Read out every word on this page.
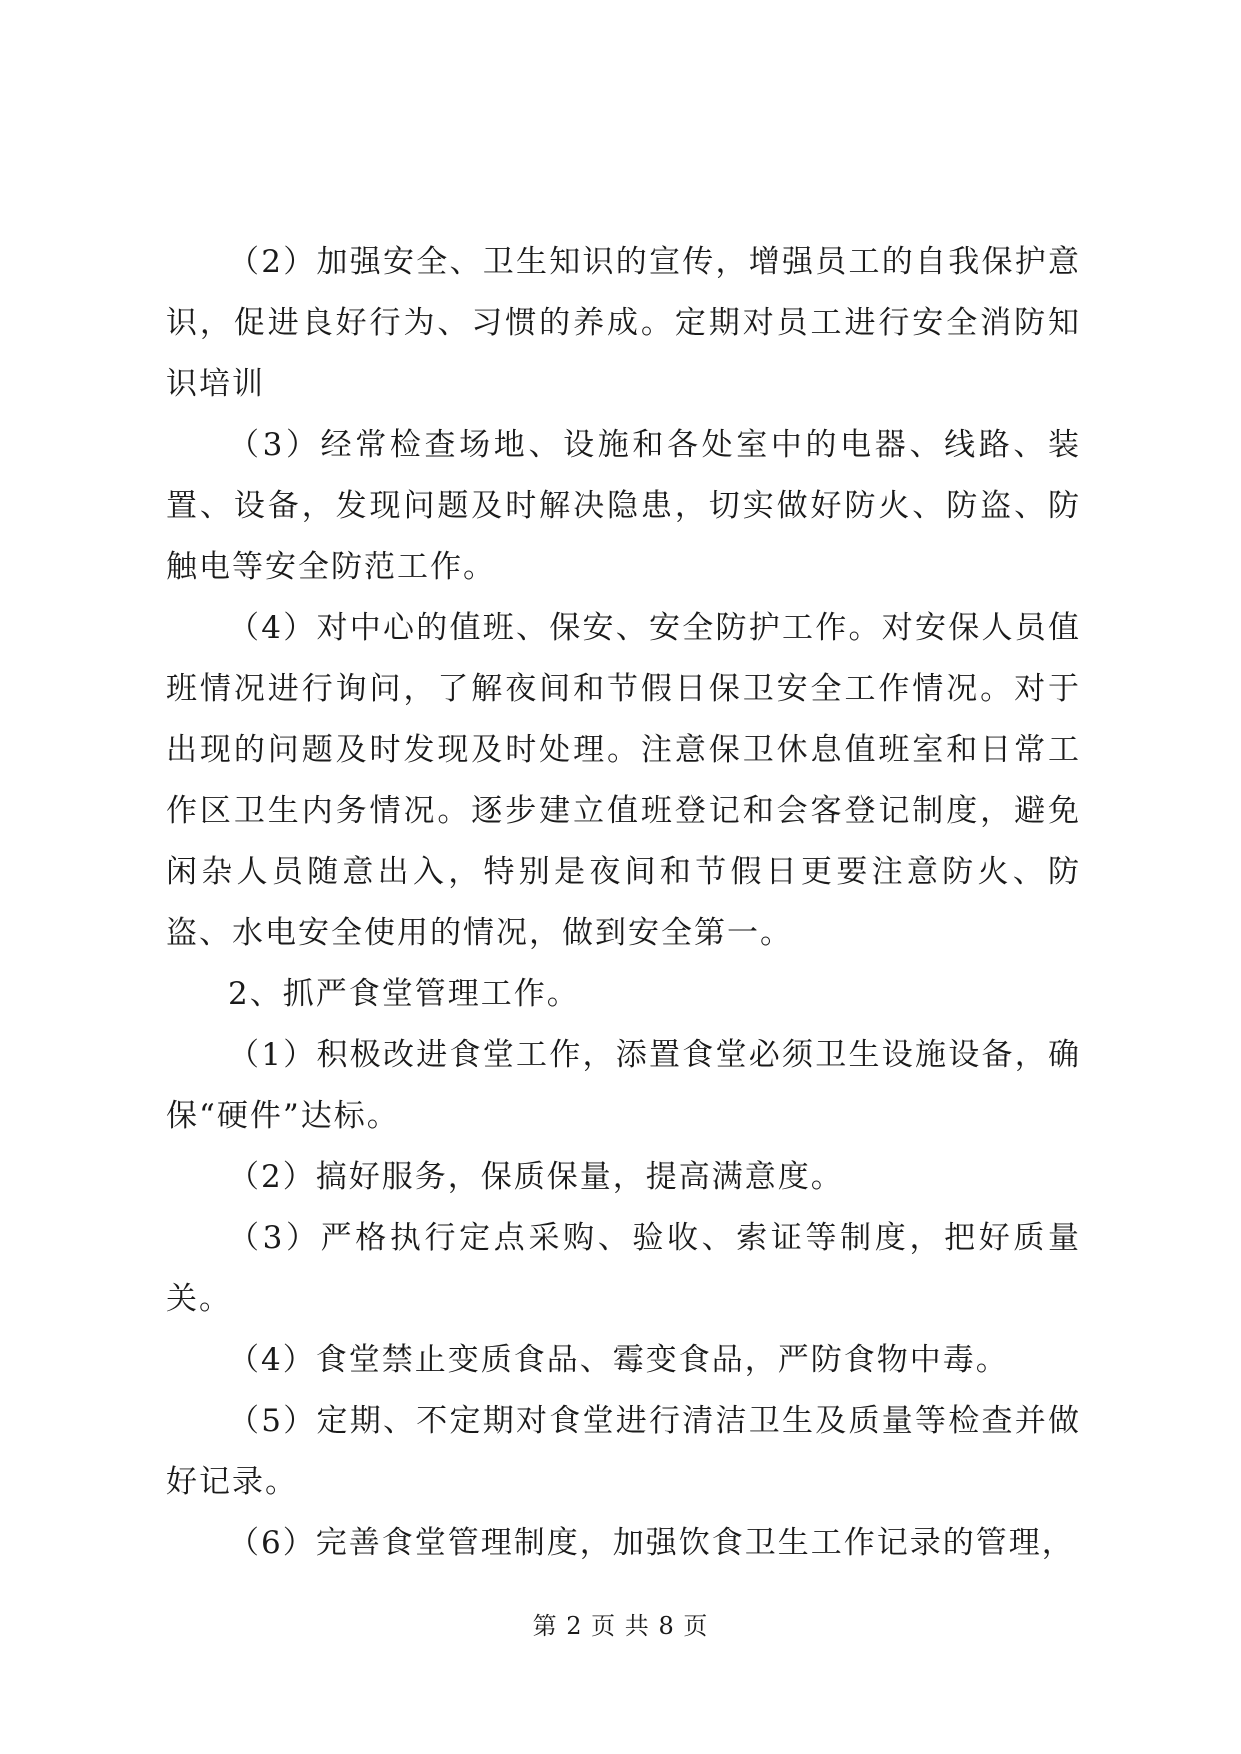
（2）加强安全、卫生知识的宣传，增强员工的自我保护意识，促进良好行为、习惯的养成。定期对员工进行安全消防知识培训

（3）经常检查场地、设施和各处室中的电器、线路、装置、设备，发现问题及时解决隐患，切实做好防火、防盗、防触电等安全防范工作。

（4）对中心的值班、保安、安全防护工作。对安保人员值班情况进行询问，了解夜间和节假日保卫安全工作情况。对于出现的问题及时发现及时处理。注意保卫休息值班室和日常工作区卫生内务情况。逐步建立值班登记和会客登记制度，避免闲杂人员随意出入，特别是夜间和节假日更要注意防火、防盗、水电安全使用的情况，做到安全第一。

2、抓严食堂管理工作。

（1）积极改进食堂工作，添置食堂必须卫生设施设备，确保“硬件”达标。

（2）搞好服务，保质保量，提高满意度。

（3）严格执行定点采购、验收、索证等制度，把好质量关。

（4）食堂禁止变质食品、霉变食品，严防食物中毒。

（5）定期、不定期对食堂进行清洁卫生及质量等检查并做好记录。

（6）完善食堂管理制度，加强饮食卫生工作记录的管理，

第 2 页 共 8 页
